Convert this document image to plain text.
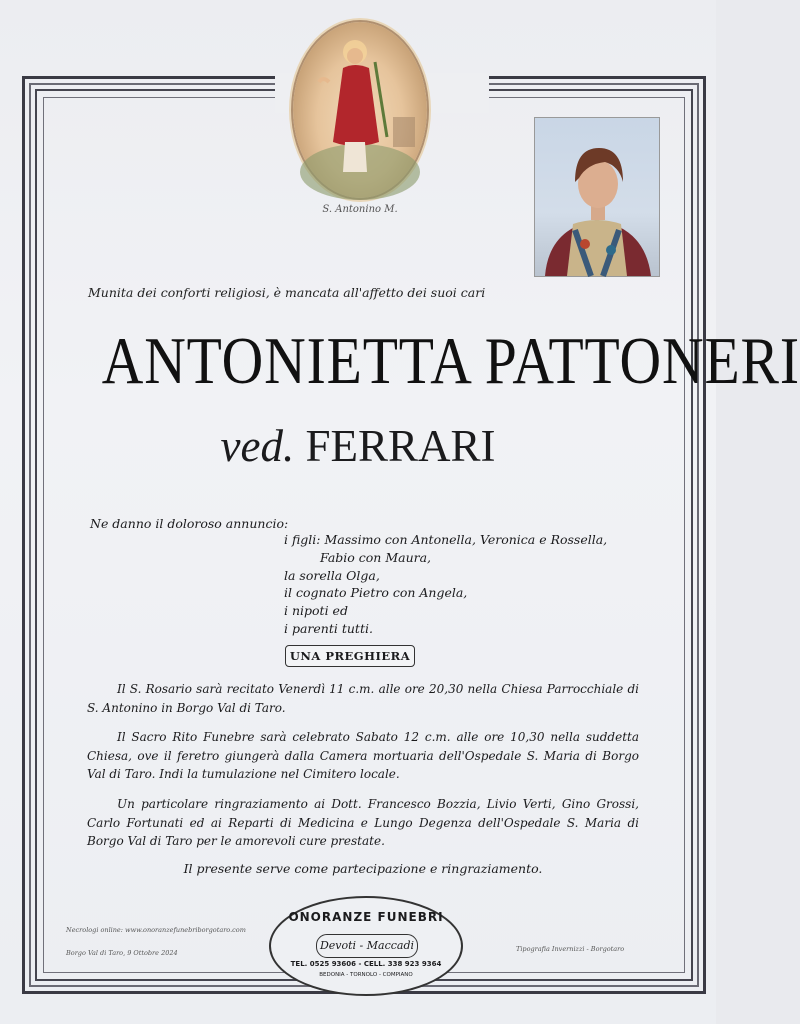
S. Antonino M.
Munita dei conforti religiosi, è mancata all'affetto dei suoi cari
ANTONIETTA PATTONERI
ved. FERRARI
Ne danno il doloroso annuncio:
i figli: Massimo con Antonella, Veronica e Rossella,
Fabio con Maura,
la sorella Olga,
il cognato Pietro con Angela,
i nipoti ed
i parenti tutti.
UNA PREGHIERA
Il S. Rosario sarà recitato Venerdì 11 c.m. alle ore 20,30 nella Chiesa Parrocchiale di S. Antonino in Borgo Val di Taro.
Il Sacro Rito Funebre sarà celebrato Sabato 12 c.m. alle ore 10,30 nella suddetta Chiesa, ove il feretro giungerà dalla Camera mortuaria dell'Ospedale S. Maria di Borgo Val di Taro. Indi la tumulazione nel Cimitero locale.
Un particolare ringraziamento ai Dott. Francesco Bozzia, Livio Verti, Gino Grossi, Carlo Fortunati ed ai Reparti di Medicina e Lungo Degenza dell'Ospedale S. Maria di Borgo Val di Taro per le amorevoli cure prestate.
Il presente serve come partecipazione e ringraziamento.
Necrologi online: www.onoranzefunebriborgotaro.com
Borgo Val di Taro, 9 Ottobre 2024	Tipografia Invernizzi - Borgotaro
ONORANZE FUNEBRI
Devoti - Maccadi
TEL. 0525 93606 - CELL. 338 923 9364
BEDONIA - TORNOLO - COMPIANO
